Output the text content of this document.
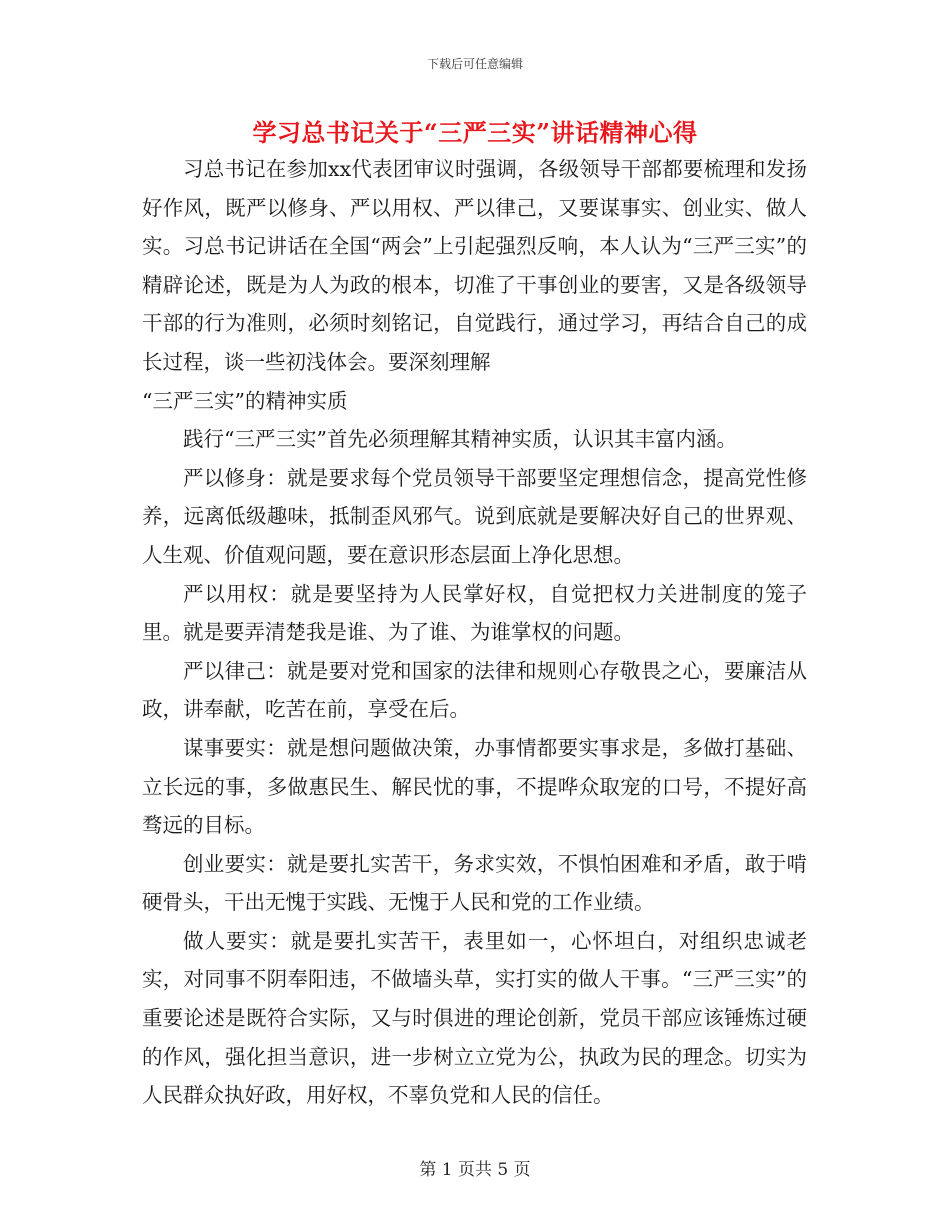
下载后可任意编辑
学习总书记关于“三严三实”讲话精神心得

习总书记在参加xx代表团审议时强调，各级领导干部都要梳理和发扬好作风，既严以修身、严以用权、严以律己，又要谋事实、创业实、做人实。习总书记讲话在全国“两会”上引起强烈反响，本人认为“三严三实”的精辟论述，既是为人为政的根本，切准了干事创业的要害，又是各级领导干部的行为准则，必须时刻铭记，自觉践行，通过学习，再结合自己的成长过程，谈一些初浅体会。要深刻理解

“三严三实”的精神实质

践行“三严三实”首先必须理解其精神实质，认识其丰富内涵。

严以修身：就是要求每个党员领导干部要坚定理想信念，提高党性修养，远离低级趣味，抵制歪风邪气。说到底就是要解决好自己的世界观、人生观、价值观问题，要在意识形态层面上净化思想。

严以用权：就是要坚持为人民掌好权，自觉把权力关进制度的笼子里。就是要弄清楚我是谁、为了谁、为谁掌权的问题。

严以律己：就是要对党和国家的法律和规则心存敬畏之心，要廉洁从政，讲奉献，吃苦在前，享受在后。

谋事要实：就是想问题做决策，办事情都要实事求是，多做打基础、立长远的事，多做惠民生、解民忧的事，不提哗众取宠的口号，不提好高骛远的目标。

创业要实：就是要扎实苦干，务求实效，不惧怕困难和矛盾，敢于啃硬骨头，干出无愧于实践、无愧于人民和党的工作业绩。

做人要实：就是要扎实苦干，表里如一，心怀坦白，对组织忠诚老实，对同事不阴奉阳违，不做墙头草，实打实的做人干事。“三严三实”的重要论述是既符合实际，又与时俱进的理论创新，党员干部应该锤炼过硬的作风，强化担当意识，进一步树立立党为公，执政为民的理念。切实为人民群众执好政，用好权，不辜负党和人民的信任。

第 1 页共 5 页
